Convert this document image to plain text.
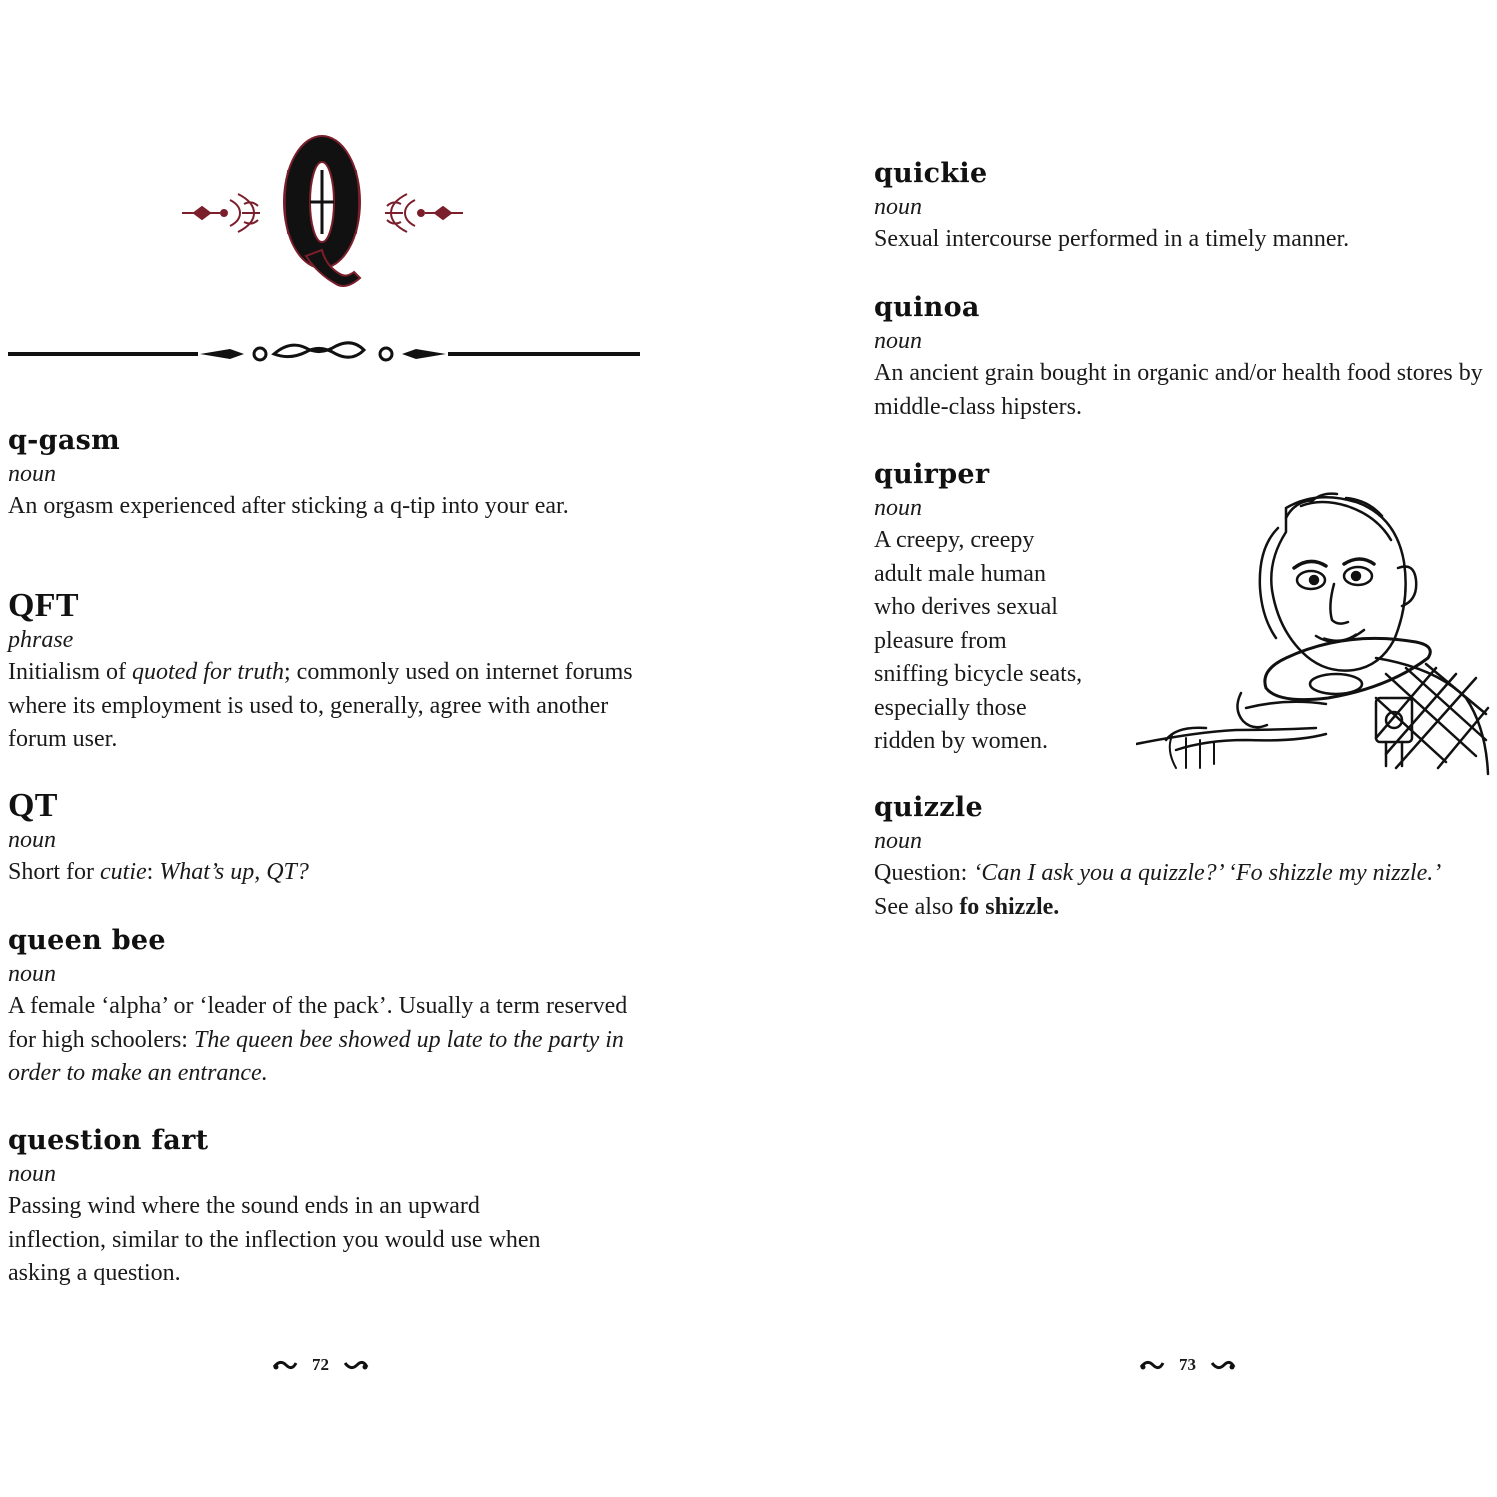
q-gasm
noun
An orgasm experienced after sticking a q-tip into your ear.
QFT
phrase
Initialism of quoted for truth; commonly used on internet forums where its employment is used to, generally, agree with another forum user.
QT
noun
Short for cutie: What’s up, QT?
queen bee
noun
A female ‘alpha’ or ‘leader of the pack’. Usually a term reserved for high schoolers: The queen bee showed up late to the party in order to make an entrance.
question fart
noun
Passing wind where the sound ends in an upward inflection, similar to the inflection you would use when asking a question.
72
quickie
noun
Sexual intercourse performed in a timely manner.
quinoa
noun
An ancient grain bought in organic and/or health food stores by middle-class hipsters.
quirper
noun
A creepy, creepy
adult male human
who derives sexual
pleasure from
sniffing bicycle seats,
especially those
ridden by women.
quizzle
noun
Question: ‘Can I ask you a quizzle?’ ‘Fo shizzle my nizzle.’
See also fo shizzle.
73
